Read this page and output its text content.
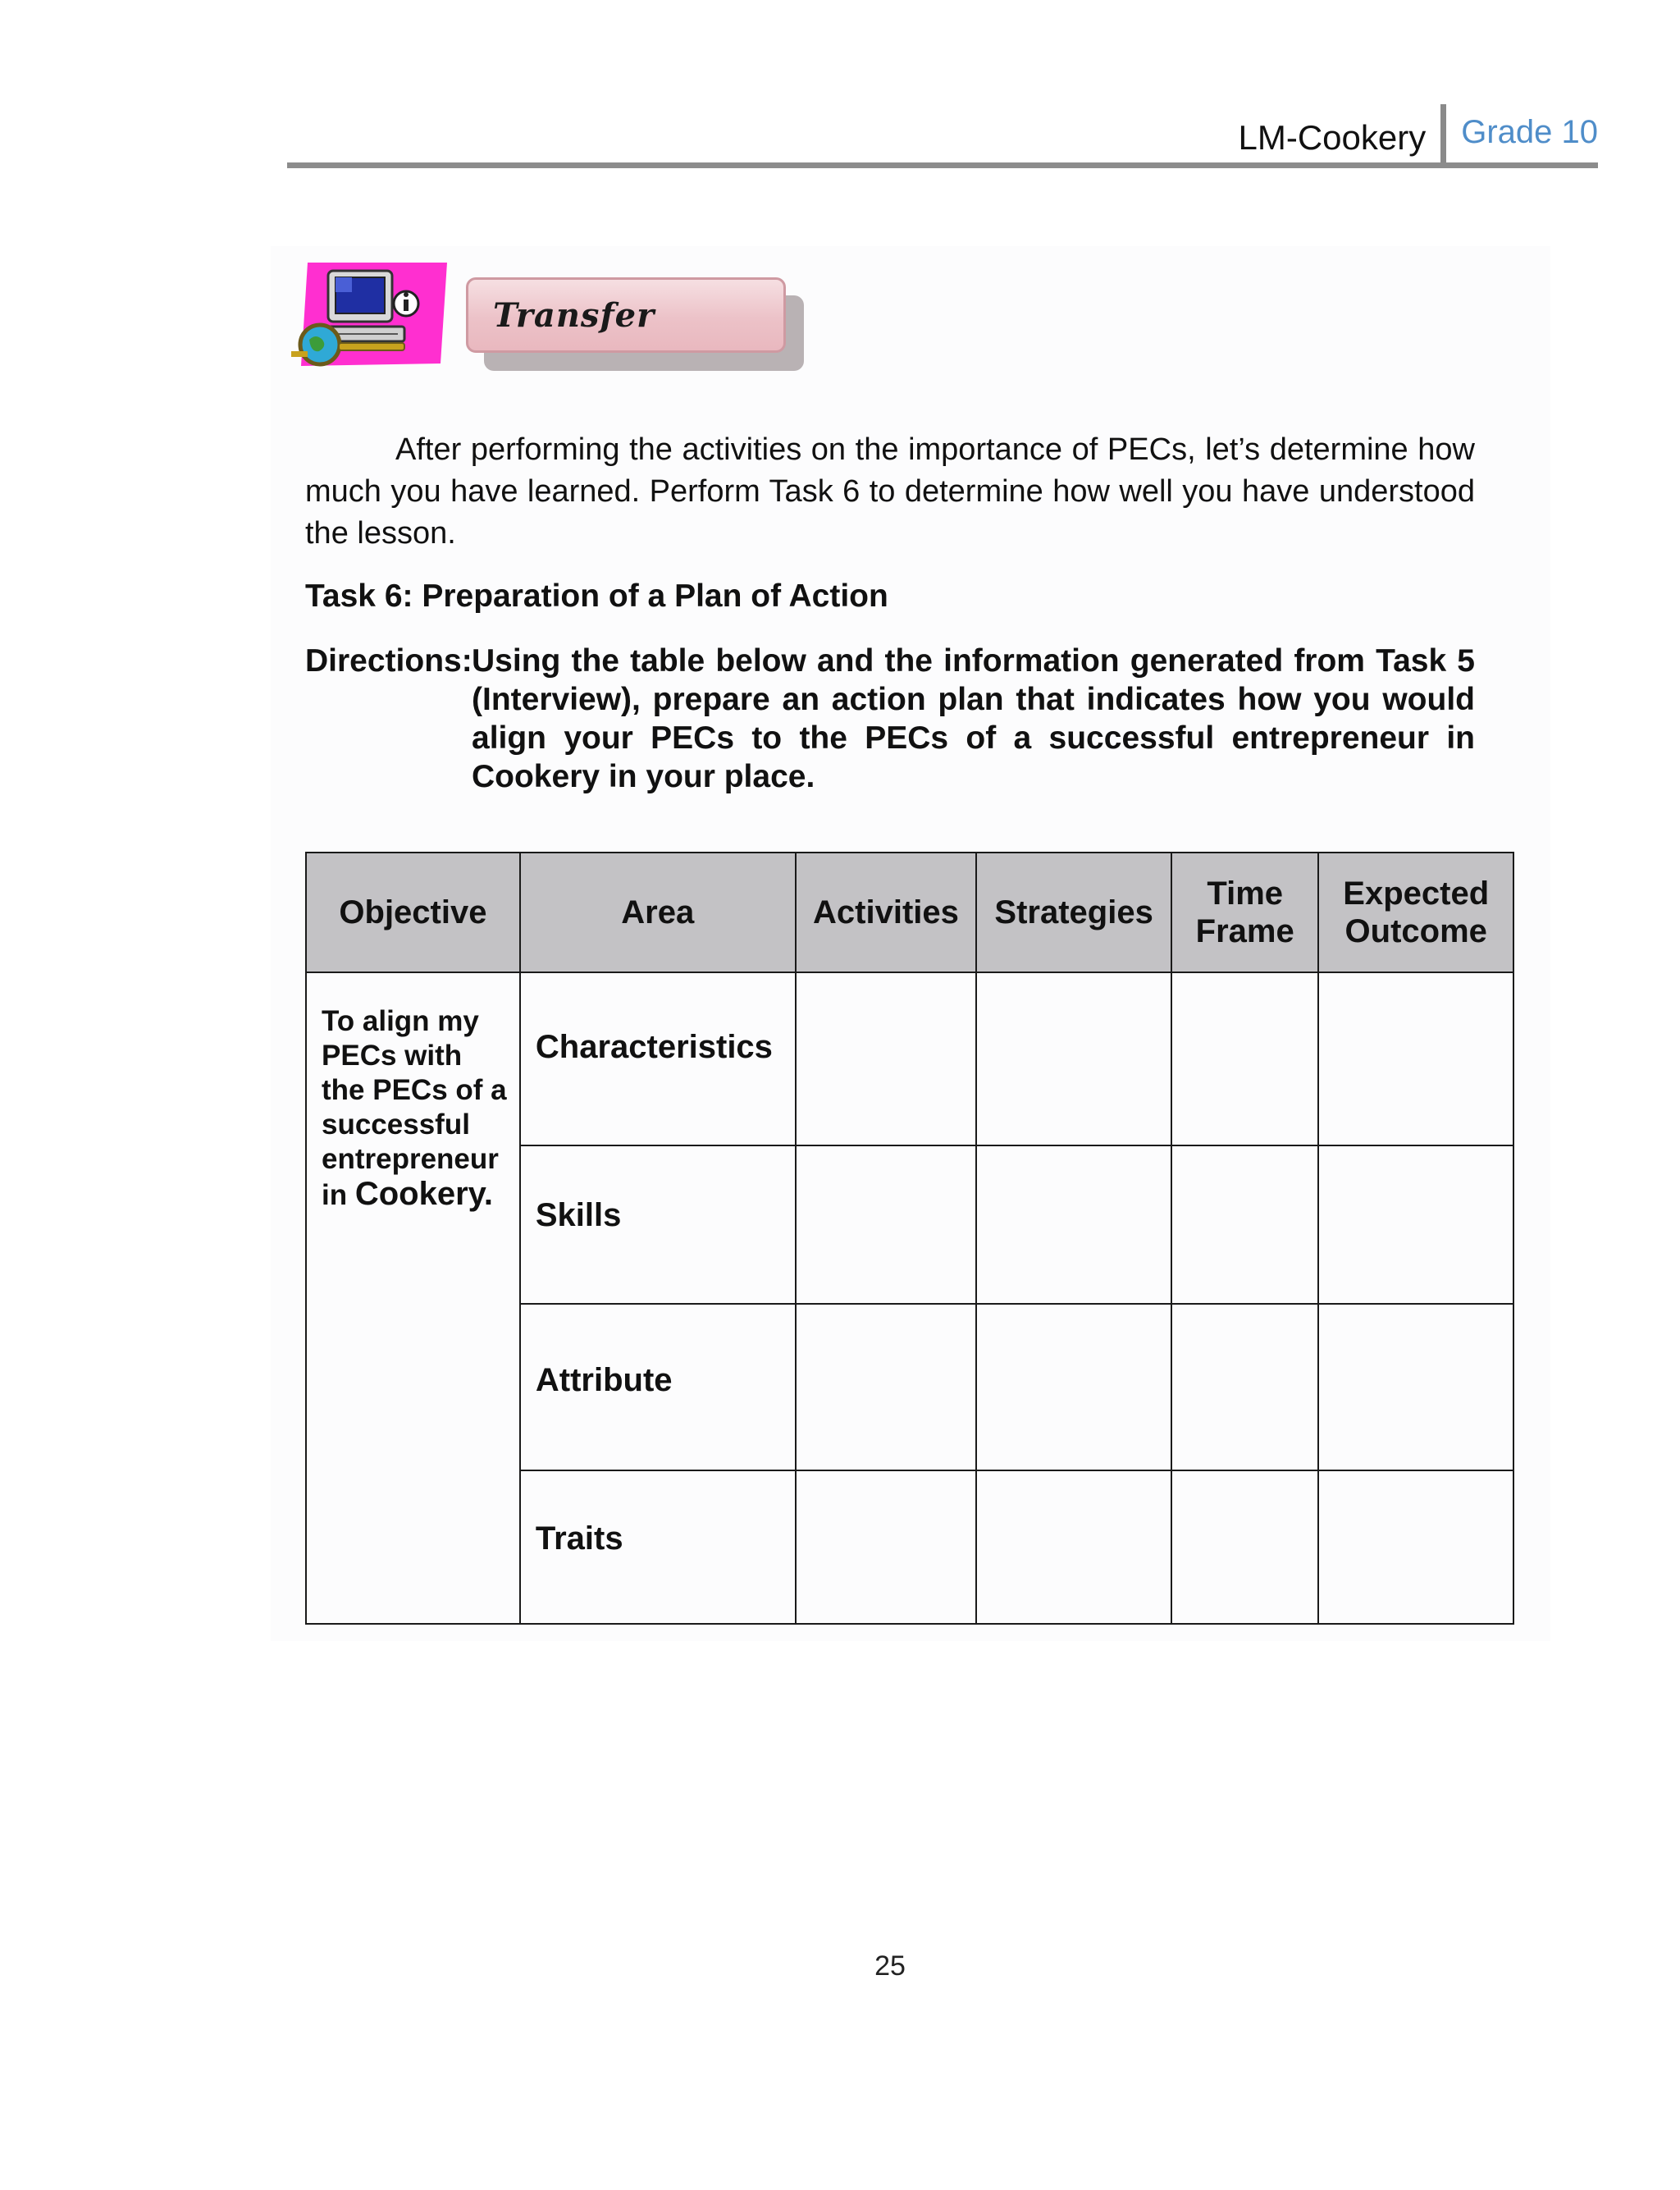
LM-Cookery	Grade 10
Transfer

After performing the activities on the importance of PECs, let’s determine how much you have learned. Perform Task 6 to determine how well you have understood the lesson.

Task 6: Preparation of a Plan of Action

Directions: Using the table below and the information generated from Task 5 (Interview), prepare an action plan that indicates how you would align your PECs to the PECs of a successful entrepreneur in Cookery in your place.
Objective	Area	Activities	Strategies	Time Frame	Expected Outcome
To align my PECs with the PECs of a successful entrepreneur in Cookery.	Characteristics				
	Skills				
	Attribute				
	Traits				
25
